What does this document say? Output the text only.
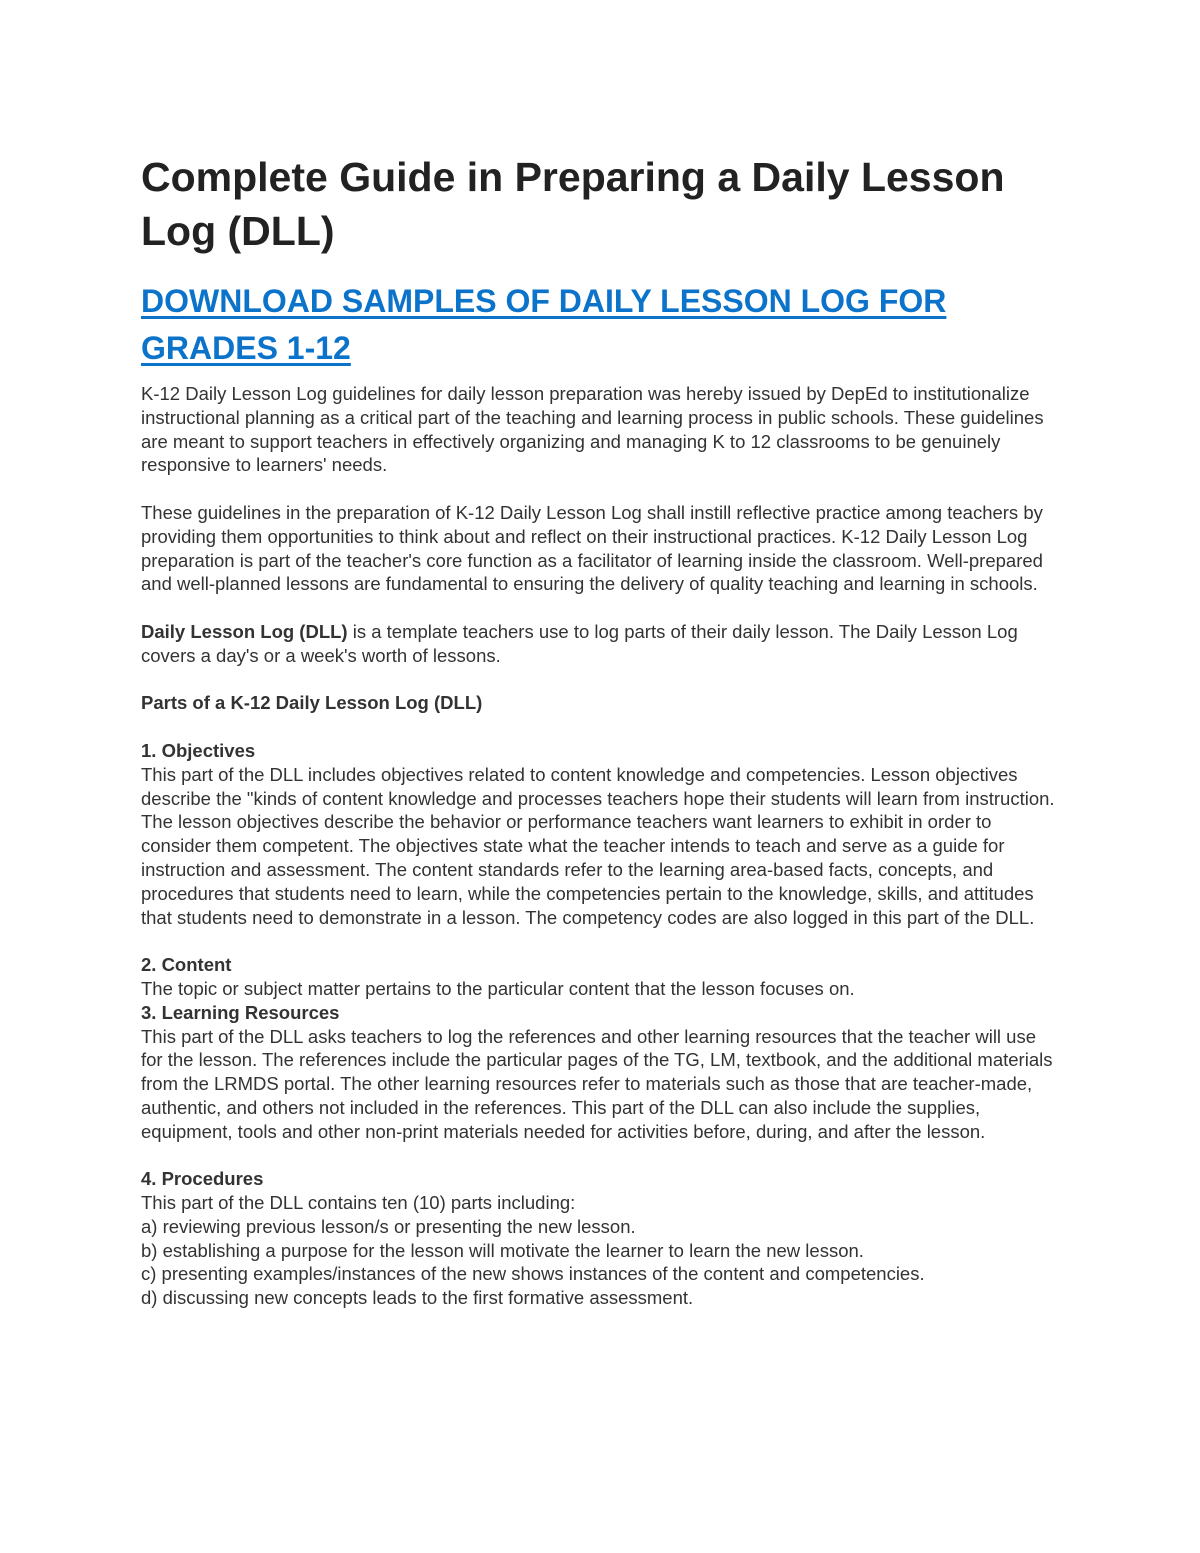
Complete Guide in Preparing a Daily Lesson Log (DLL)
DOWNLOAD SAMPLES OF DAILY LESSON LOG FOR GRADES 1-12

K-12 Daily Lesson Log guidelines for daily lesson preparation was hereby issued by DepEd to institutionalize instructional planning as a critical part of the teaching and learning process in public schools. These guidelines are meant to support teachers in effectively organizing and managing K to 12 classrooms to be genuinely responsive to learners' needs.

These guidelines in the preparation of K-12 Daily Lesson Log shall instill reflective practice among teachers by providing them opportunities to think about and reflect on their instructional practices. K-12 Daily Lesson Log preparation is part of the teacher's core function as a facilitator of learning inside the classroom. Well-prepared and well-planned lessons are fundamental to ensuring the delivery of quality teaching and learning in schools.

Daily Lesson Log (DLL) is a template teachers use to log parts of their daily lesson. The Daily Lesson Log covers a day's or a week's worth of lessons.

Parts of a K-12 Daily Lesson Log (DLL)

1. Objectives
This part of the DLL includes objectives related to content knowledge and competencies. Lesson objectives describe the "kinds of content knowledge and processes teachers hope their students will learn from instruction. The lesson objectives describe the behavior or performance teachers want learners to exhibit in order to consider them competent. The objectives state what the teacher intends to teach and serve as a guide for instruction and assessment. The content standards refer to the learning area-based facts, concepts, and procedures that students need to learn, while the competencies pertain to the knowledge, skills, and attitudes that students need to demonstrate in a lesson. The competency codes are also logged in this part of the DLL.
2. Content
The topic or subject matter pertains to the particular content that the lesson focuses on.
3. Learning Resources
This part of the DLL asks teachers to log the references and other learning resources that the teacher will use for the lesson. The references include the particular pages of the TG, LM, textbook, and the additional materials from the LRMDS portal. The other learning resources refer to materials such as those that are teacher-made, authentic, and others not included in the references. This part of the DLL can also include the supplies, equipment, tools and other non-print materials needed for activities before, during, and after the lesson.
4. Procedures
This part of the DLL contains ten (10) parts including:
a) reviewing previous lesson/s or presenting the new lesson.
b) establishing a purpose for the lesson will motivate the learner to learn the new lesson.
c) presenting examples/instances of the new shows instances of the content and competencies.
d) discussing new concepts leads to the first formative assessment.
